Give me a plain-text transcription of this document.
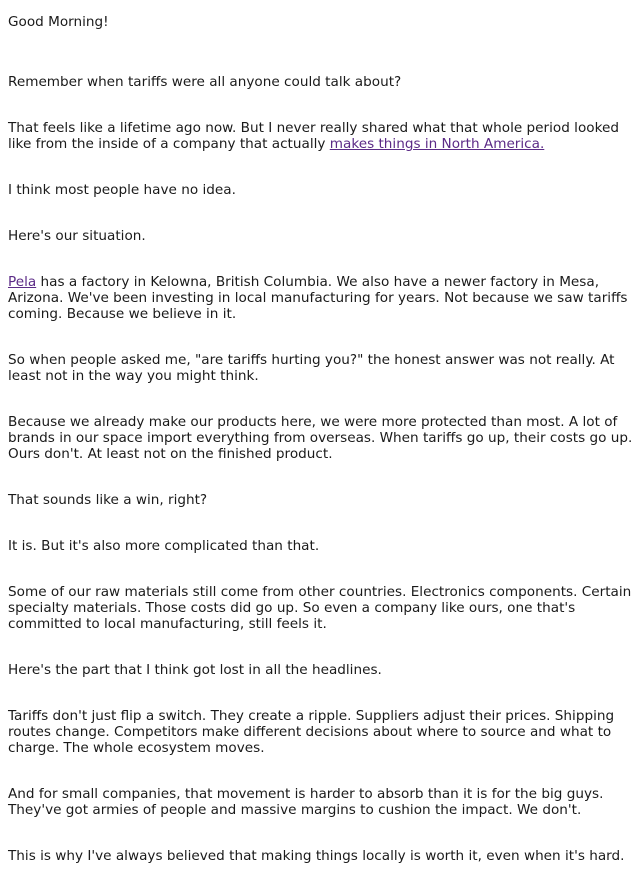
Good Morning!

Remember when tariffs were all anyone could talk about?

That feels like a lifetime ago now. But I never really shared what that whole period looked like from the inside of a company that actually makes things in North America.

I think most people have no idea.

Here's our situation.

Pela has a factory in Kelowna, British Columbia. We also have a newer factory in Mesa, Arizona. We've been investing in local manufacturing for years. Not because we saw tariffs coming. Because we believe in it.

So when people asked me, "are tariffs hurting you?" the honest answer was not really. At least not in the way you might think.

Because we already make our products here, we were more protected than most. A lot of brands in our space import everything from overseas. When tariffs go up, their costs go up. Ours don't. At least not on the finished product.

That sounds like a win, right?

It is. But it's also more complicated than that.

Some of our raw materials still come from other countries. Electronics components. Certain specialty materials. Those costs did go up. So even a company like ours, one that's committed to local manufacturing, still feels it.

Here's the part that I think got lost in all the headlines.

Tariffs don't just flip a switch. They create a ripple. Suppliers adjust their prices. Shipping routes change. Competitors make different decisions about where to source and what to charge. The whole ecosystem moves.

And for small companies, that movement is harder to absorb than it is for the big guys. They've got armies of people and massive margins to cushion the impact. We don't.

This is why I've always believed that making things locally is worth it, even when it's hard.
